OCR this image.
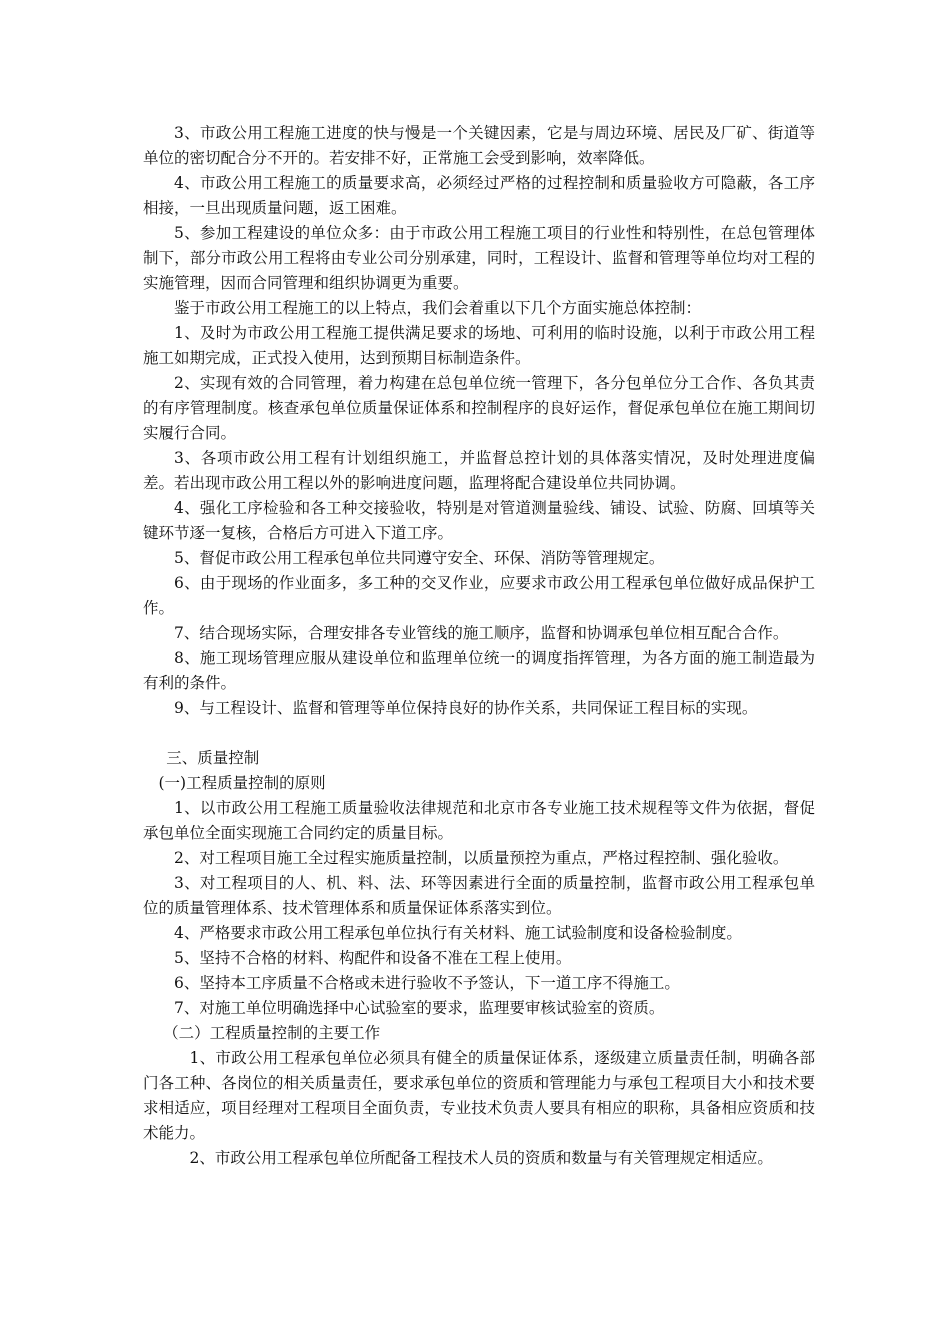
3、市政公用工程施工进度的快与慢是一个关键因素，它是与周边环境、居民及厂矿、街道等单位的密切配合分不开的。若安排不好，正常施工会受到影响，效率降低。

4、市政公用工程施工的质量要求高，必须经过严格的过程控制和质量验收方可隐蔽，各工序相接，一旦出现质量问题，返工困难。

5、参加工程建设的单位众多：由于市政公用工程施工项目的行业性和特别性，在总包管理体制下，部分市政公用工程将由专业公司分别承建，同时，工程设计、监督和管理等单位均对工程的实施管理，因而合同管理和组织协调更为重要。

鉴于市政公用工程施工的以上特点，我们会着重以下几个方面实施总体控制：

1、及时为市政公用工程施工提供满足要求的场地、可利用的临时设施，以利于市政公用工程施工如期完成，正式投入使用，达到预期目标制造条件。

2、实现有效的合同管理，着力构建在总包单位统一管理下，各分包单位分工合作、各负其责的有序管理制度。核查承包单位质量保证体系和控制程序的良好运作，督促承包单位在施工期间切实履行合同。

3、各项市政公用工程有计划组织施工，并监督总控计划的具体落实情况，及时处理进度偏差。若出现市政公用工程以外的影响进度问题，监理将配合建设单位共同协调。

4、强化工序检验和各工种交接验收，特别是对管道测量验线、铺设、试验、防腐、回填等关键环节逐一复核，合格后方可进入下道工序。

5、督促市政公用工程承包单位共同遵守安全、环保、消防等管理规定。

6、由于现场的作业面多，多工种的交叉作业，应要求市政公用工程承包单位做好成品保护工作。

7、结合现场实际，合理安排各专业管线的施工顺序，监督和协调承包单位相互配合合作。

8、施工现场管理应服从建设单位和监理单位统一的调度指挥管理，为各方面的施工制造最为有利的条件。

9、与工程设计、监督和管理等单位保持良好的协作关系，共同保证工程目标的实现。

三、质量控制

(一)工程质量控制的原则

1、以市政公用工程施工质量验收法律规范和北京市各专业施工技术规程等文件为依据，督促承包单位全面实现施工合同约定的质量目标。

2、对工程项目施工全过程实施质量控制，以质量预控为重点，严格过程控制、强化验收。

3、对工程项目的人、机、料、法、环等因素进行全面的质量控制，监督市政公用工程承包单位的质量管理体系、技术管理体系和质量保证体系落实到位。

4、严格要求市政公用工程承包单位执行有关材料、施工试验制度和设备检验制度。

5、坚持不合格的材料、构配件和设备不准在工程上使用。

6、坚持本工序质量不合格或未进行验收不予签认，下一道工序不得施工。

7、对施工单位明确选择中心试验室的要求，监理要审核试验室的资质。

（二）工程质量控制的主要工作

1、市政公用工程承包单位必须具有健全的质量保证体系，逐级建立质量责任制，明确各部门各工种、各岗位的相关质量责任，要求承包单位的资质和管理能力与承包工程项目大小和技术要求相适应，项目经理对工程项目全面负责，专业技术负责人要具有相应的职称，具备相应资质和技术能力。

2、市政公用工程承包单位所配备工程技术人员的资质和数量与有关管理规定相适应。
